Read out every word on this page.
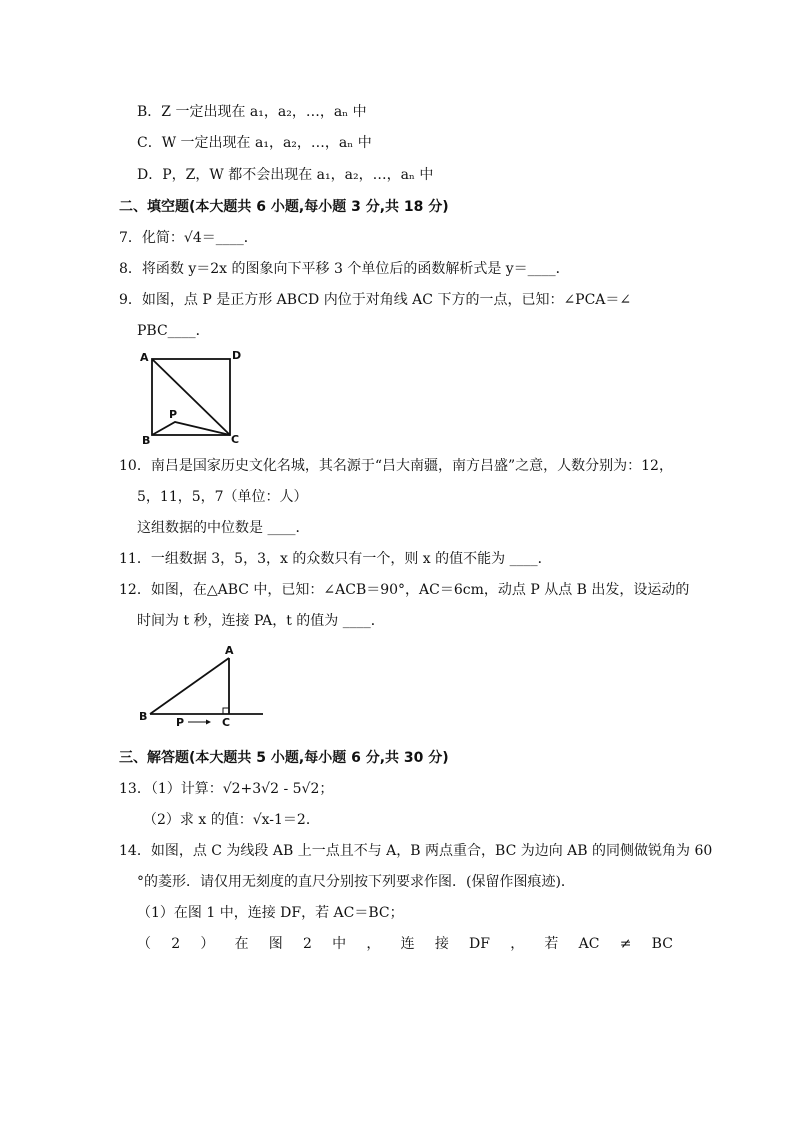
B．Z 一定出现在 a₁，a₂，…，aₙ 中
C．W 一定出现在 a₁，a₂，…，aₙ 中
D．P，Z，W 都不会出现在 a₁，a₂，…，aₙ 中
二、填空题(本大题共 6 小题,每小题 3 分,共 18 分)
7．化简：√4＝____．
8．将函数 y＝2x 的图象向下平移 3 个单位后的函数解析式是 y＝____．
9．如图，点 P 是正方形 ABCD 内位于对角线 AC 下方的一点，已知：∠PCA＝∠
PBC____．
A	D
P
B	C
10．南吕是国家历史文化名城，其名源于“吕大南疆，南方吕盛”之意，人数分别为：12，
5，11，5，7（单位：人）
这组数据的中位数是 ____．
11．一组数据 3，5，3，x 的众数只有一个，则 x 的值不能为 ____．
12．如图，在△ABC 中，已知：∠ACB＝90°，AC＝6cm，动点 P 从点 B 出发，设运动的
时间为 t 秒，连接 PA，t 的值为 ____．
A
B	C
P
三、解答题(本大题共 5 小题,每小题 6 分,共 30 分)
13．（1）计算：√2+3√2 - 5√2；
（2）求 x 的值：√x-1＝2．
14．如图，点 C 为线段 AB 上一点且不与 A，B 两点重合，BC 为边向 AB 的同侧做锐角为 60
°的菱形．请仅用无刻度的直尺分别按下列要求作图．(保留作图痕迹)．
（1）在图 1 中，连接 DF，若 AC＝BC；
（ 2 ） 在 图 2 中 ， 连 接 DF ， 若 AC ≠ BC
